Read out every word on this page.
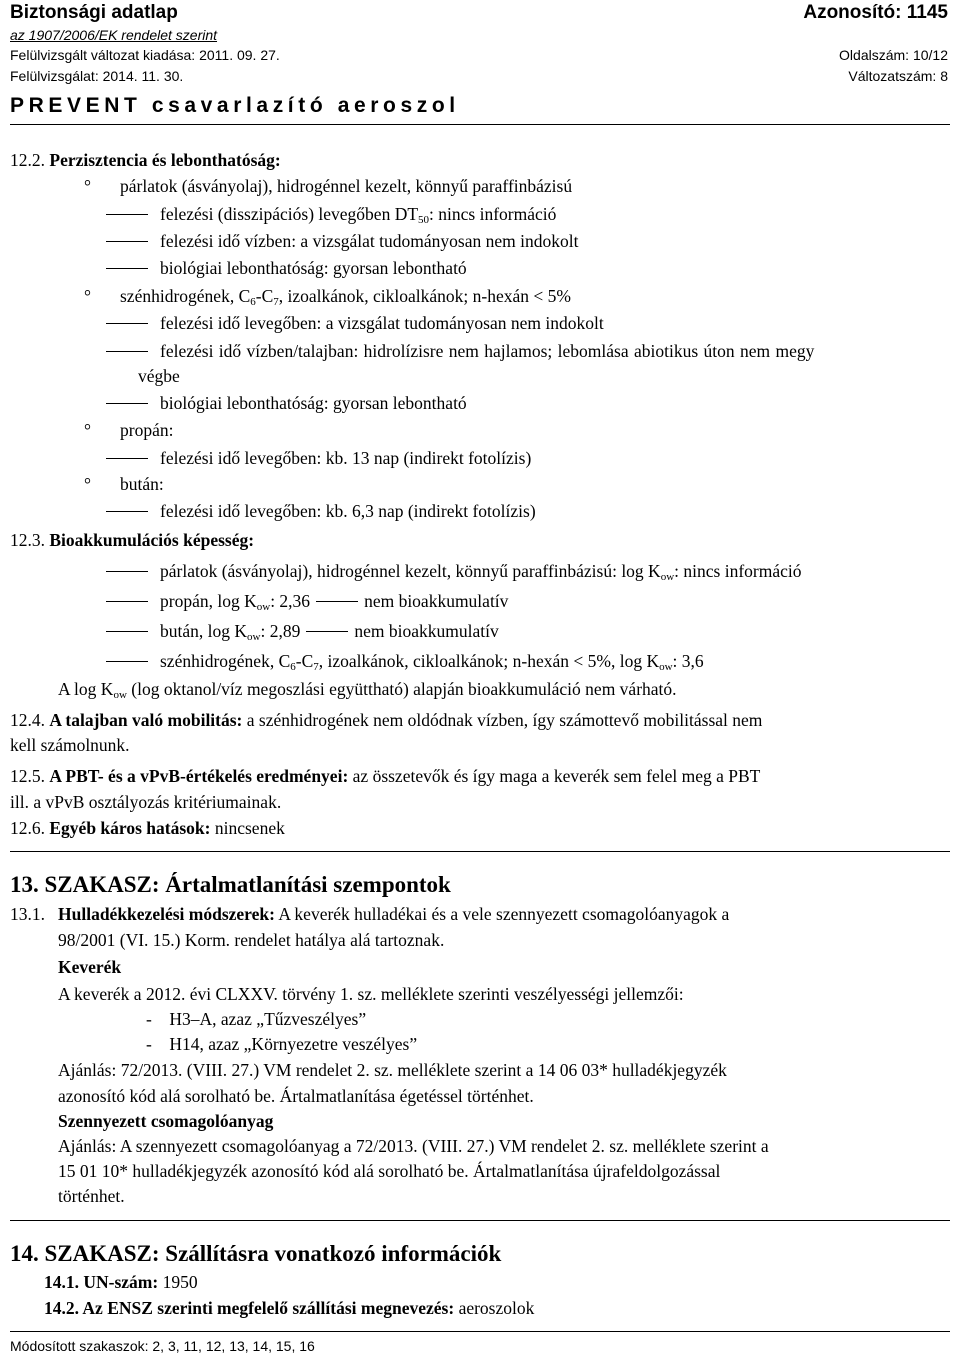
Biztonsági adatlap	Azonosító: 1145
az 1907/2006/EK rendelet szerint
Felülvizsgált változat kiadása: 2011. 09. 27.	Oldalszám: 10/12
Felülvizsgálat: 2014. 11. 30.	Változatszám: 8
PREVENT csavarlazító aeroszol
12.2. Perzisztencia és lebonthatóság:
° párlatok (ásványolaj), hidrogénnel kezelt, könnyű paraffinbázisú
felezési (disszipációs) levegőben $DT_{50}$: nincs információ
felezési idő vízben: a vizsgálat tudományosan nem indokolt
biológiai lebonthatóság: gyorsan lebontható
° szénhidrogének, $C_6-C_7$, izoalkánok, cikloalkánok; n-hexán < 5%
felezési idő levegőben: a vizsgálat tudományosan nem indokolt
felezési idő vízben/talajban: hidrolízisre nem hajlamos; lebomlása abiotikus úton nem megy
végbe
biológiai lebonthatóság: gyorsan lebontható
° propán:
felezési idő levegőben: kb. 13 nap (indirekt fotolízis)
° bután:
felezési idő levegőben: kb. 6,3 nap (indirekt fotolízis)
12.3. Bioakkumulációs képesség:
párlatok (ásványolaj), hidrogénnel kezelt, könnyű paraffinbázisú: $\log K_{ow}$: nincs információ
propán, $\log K_{ow}$: 2,36	nem bioakkumulatív
bután, $\log K_{ow}$: 2,89	nem bioakkumulatív
szénhidrogének, $C_6-C_7$, izoalkánok, cikloalkánok; n-hexán < 5%, $\log K_{ow}$: 3,6
A $\log K_{ow}$ (log oktanol/víz megoszlási együttható) alapján bioakkumuláció nem várható.
12.4. A talajban való mobilitás: a szénhidrogének nem oldódnak vízben, így számottevő mobilitással nem
kell számolnunk.
12.5. A PBT- és a vPvB-értékelés eredményei: az összetevők és így maga a keverék sem felel meg a PBT
ill. a vPvB osztályozás kritériumainak.
12.6. Egyéb káros hatások: nincsenek
13. SZAKASZ: Ártalmatlanítási szempontok
13.1. Hulladékkezelési módszerek: A keverék hulladékai és a vele szennyezett csomagolóanyagok a
98/2001 (VI. 15.) Korm. rendelet hatálya alá tartoznak.
Keverék
A keverék a 2012. évi CLXXV. törvény 1. sz. melléklete szerinti veszélyességi jellemzői:
-    H3–A, azaz „Tűzveszélyes”
-    H14, azaz „Környezetre veszélyes”
Ajánlás: 72/2013. (VIII. 27.) VM rendelet 2. sz. melléklete szerint a 14 06 03* hulladékjegyzék
azonosító kód alá sorolható be. Ártalmatlanítása égetéssel történhet.
Szennyezett csomagolóanyag
Ajánlás: A szennyezett csomagolóanyag a 72/2013. (VIII. 27.) VM rendelet 2. sz. melléklete szerint a
15 01 10* hulladékjegyzék azonosító kód alá sorolható be. Ártalmatlanítása újrafeldolgozással
történhet.
14. SZAKASZ: Szállításra vonatkozó információk
14.1. UN-szám: 1950
14.2. Az ENSZ szerinti megfelelő szállítási megnevezés: aeroszolok
Módosított szakaszok: 2, 3, 11, 12, 13, 14, 15, 16
